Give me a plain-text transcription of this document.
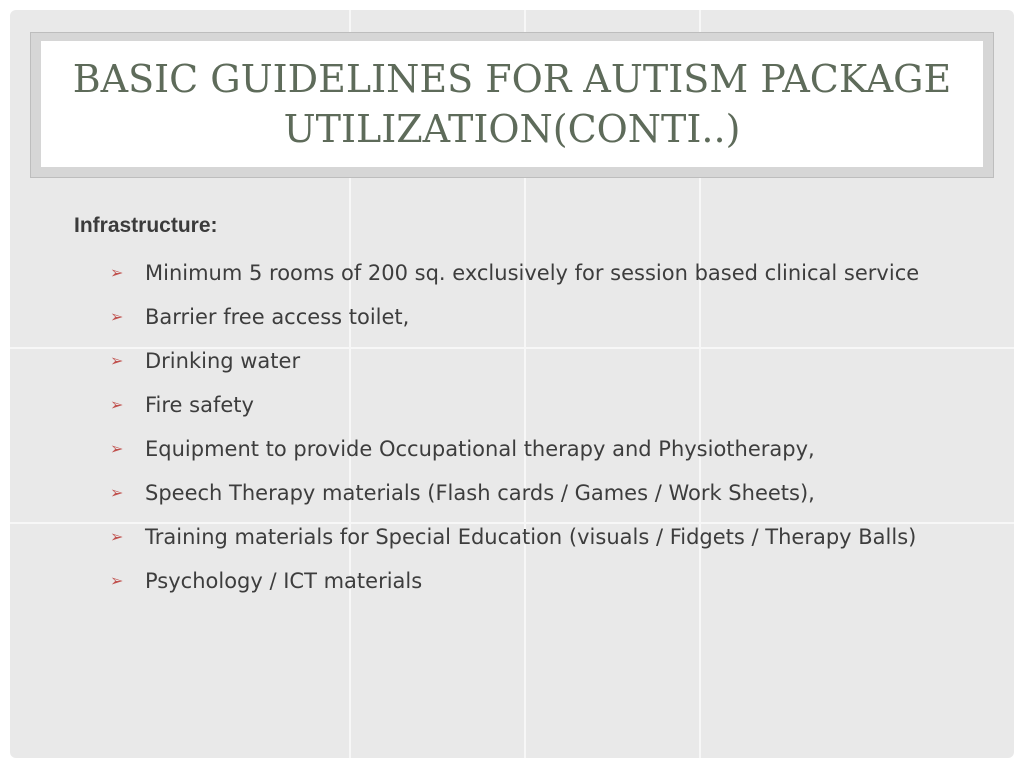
BASIC GUIDELINES FOR AUTISM PACKAGE UTILIZATION(CONTI..)
Infrastructure:
➢	Minimum 5 rooms of 200 sq. exclusively for session based clinical service
➢	Barrier free access toilet,
➢	Drinking water
➢	Fire safety
➢	Equipment to provide Occupational therapy and Physiotherapy,
➢	Speech Therapy materials (Flash cards / Games / Work Sheets),
➢	Training materials for Special Education (visuals / Fidgets / Therapy Balls)
➢	Psychology / ICT materials
